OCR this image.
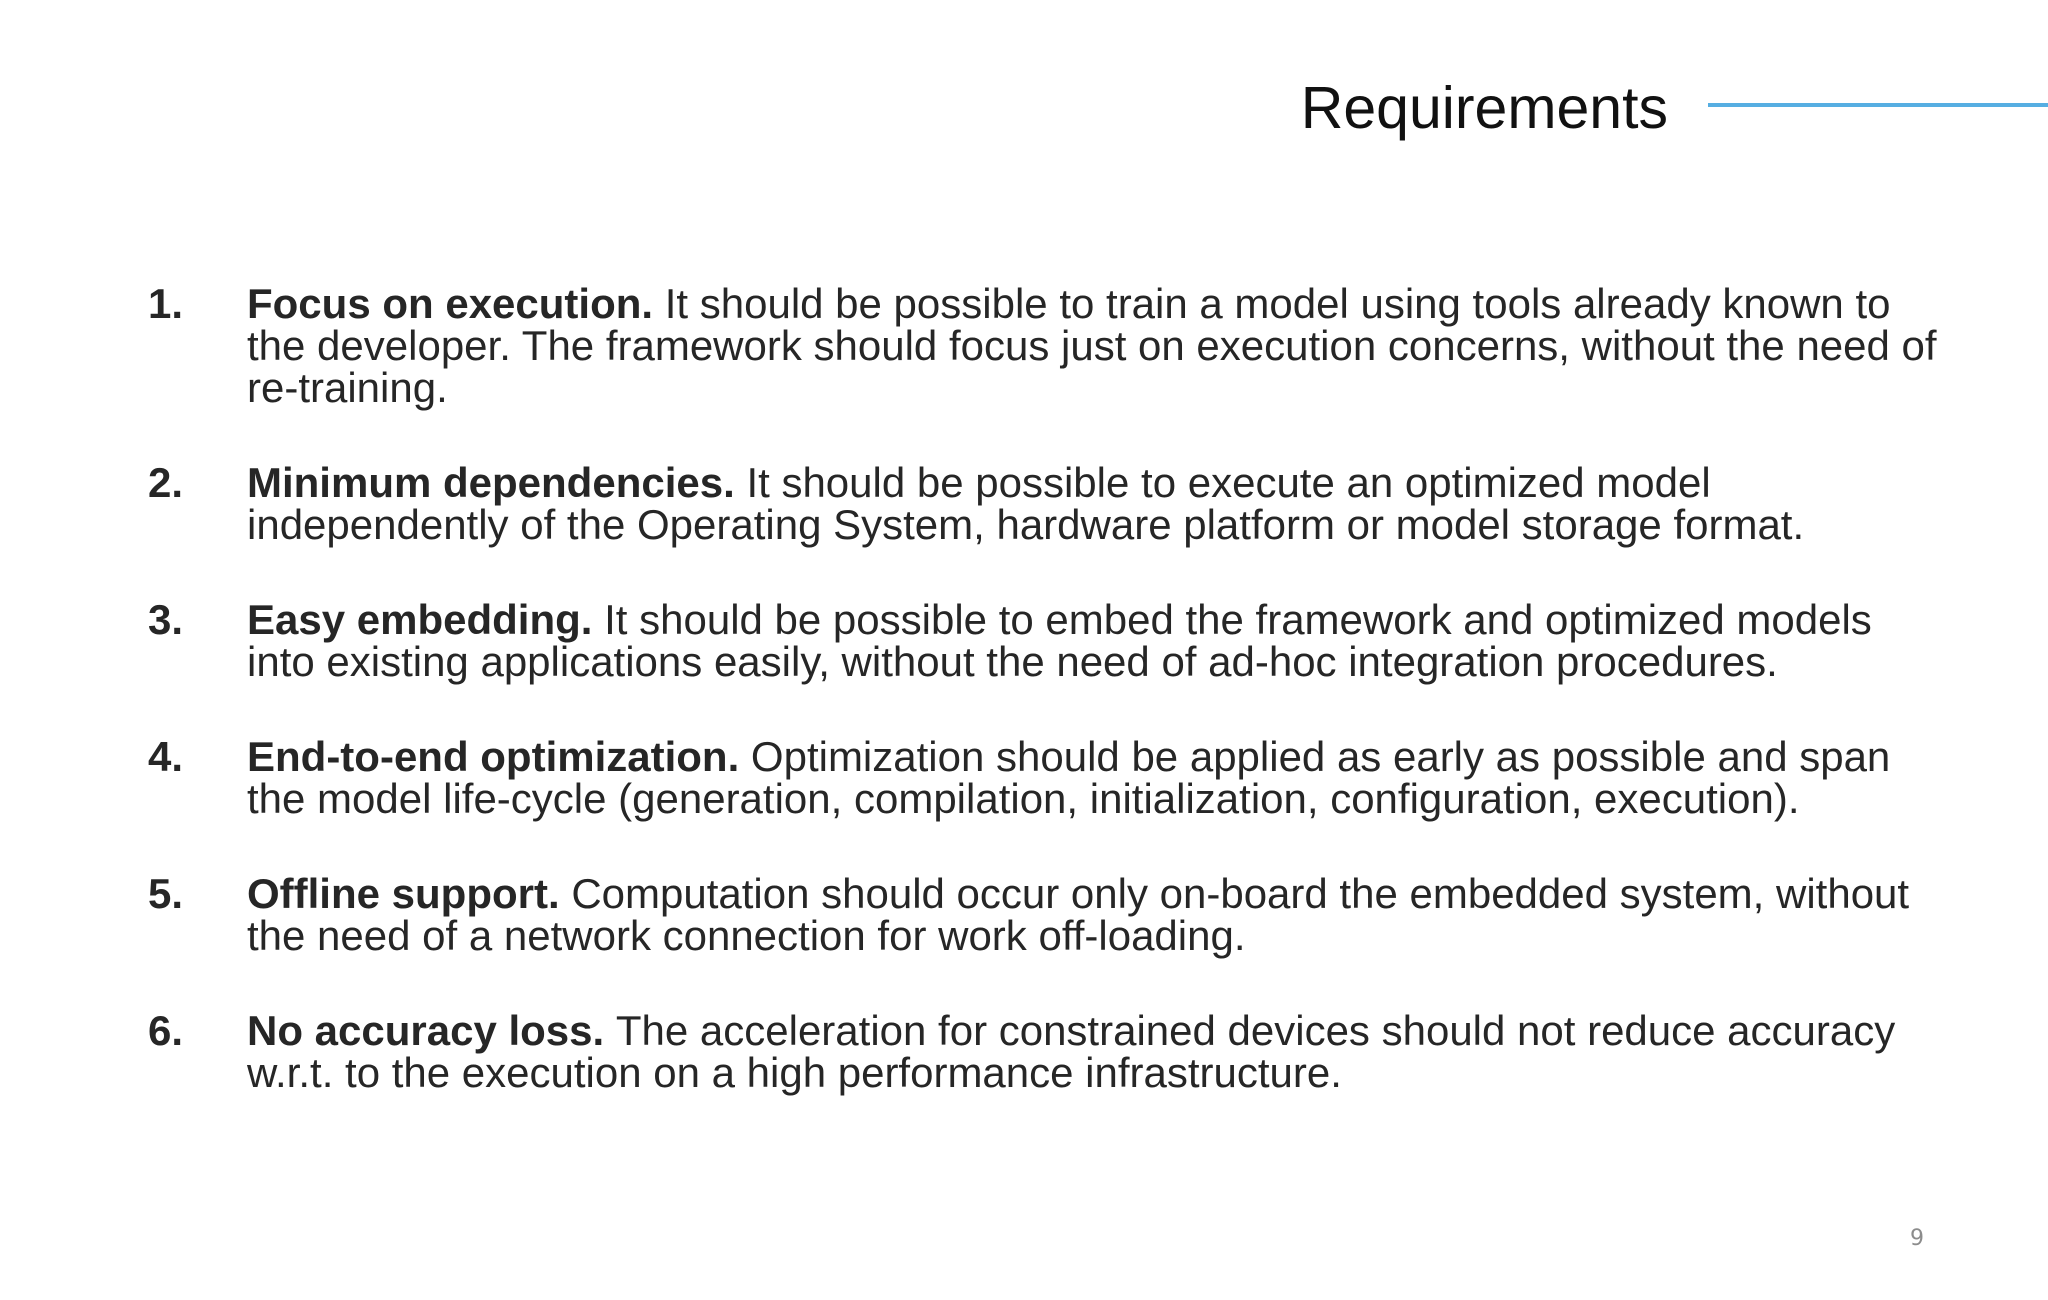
Requirements
1. Focus on execution. It should be possible to train a model using tools already known to the developer. The framework should focus just on execution concerns, without the need of re-training.
2. Minimum dependencies. It should be possible to execute an optimized model independently of the Operating System, hardware platform or model storage format.
3. Easy embedding. It should be possible to embed the framework and optimized models into existing applications easily, without the need of ad-hoc integration procedures.
4. End-to-end optimization. Optimization should be applied as early as possible and span the model life-cycle (generation, compilation, initialization, configuration, execution).
5. Offline support. Computation should occur only on-board the embedded system, without the need of a network connection for work off-loading.
6. No accuracy loss. The acceleration for constrained devices should not reduce accuracy w.r.t. to the execution on a high performance infrastructure.
9
